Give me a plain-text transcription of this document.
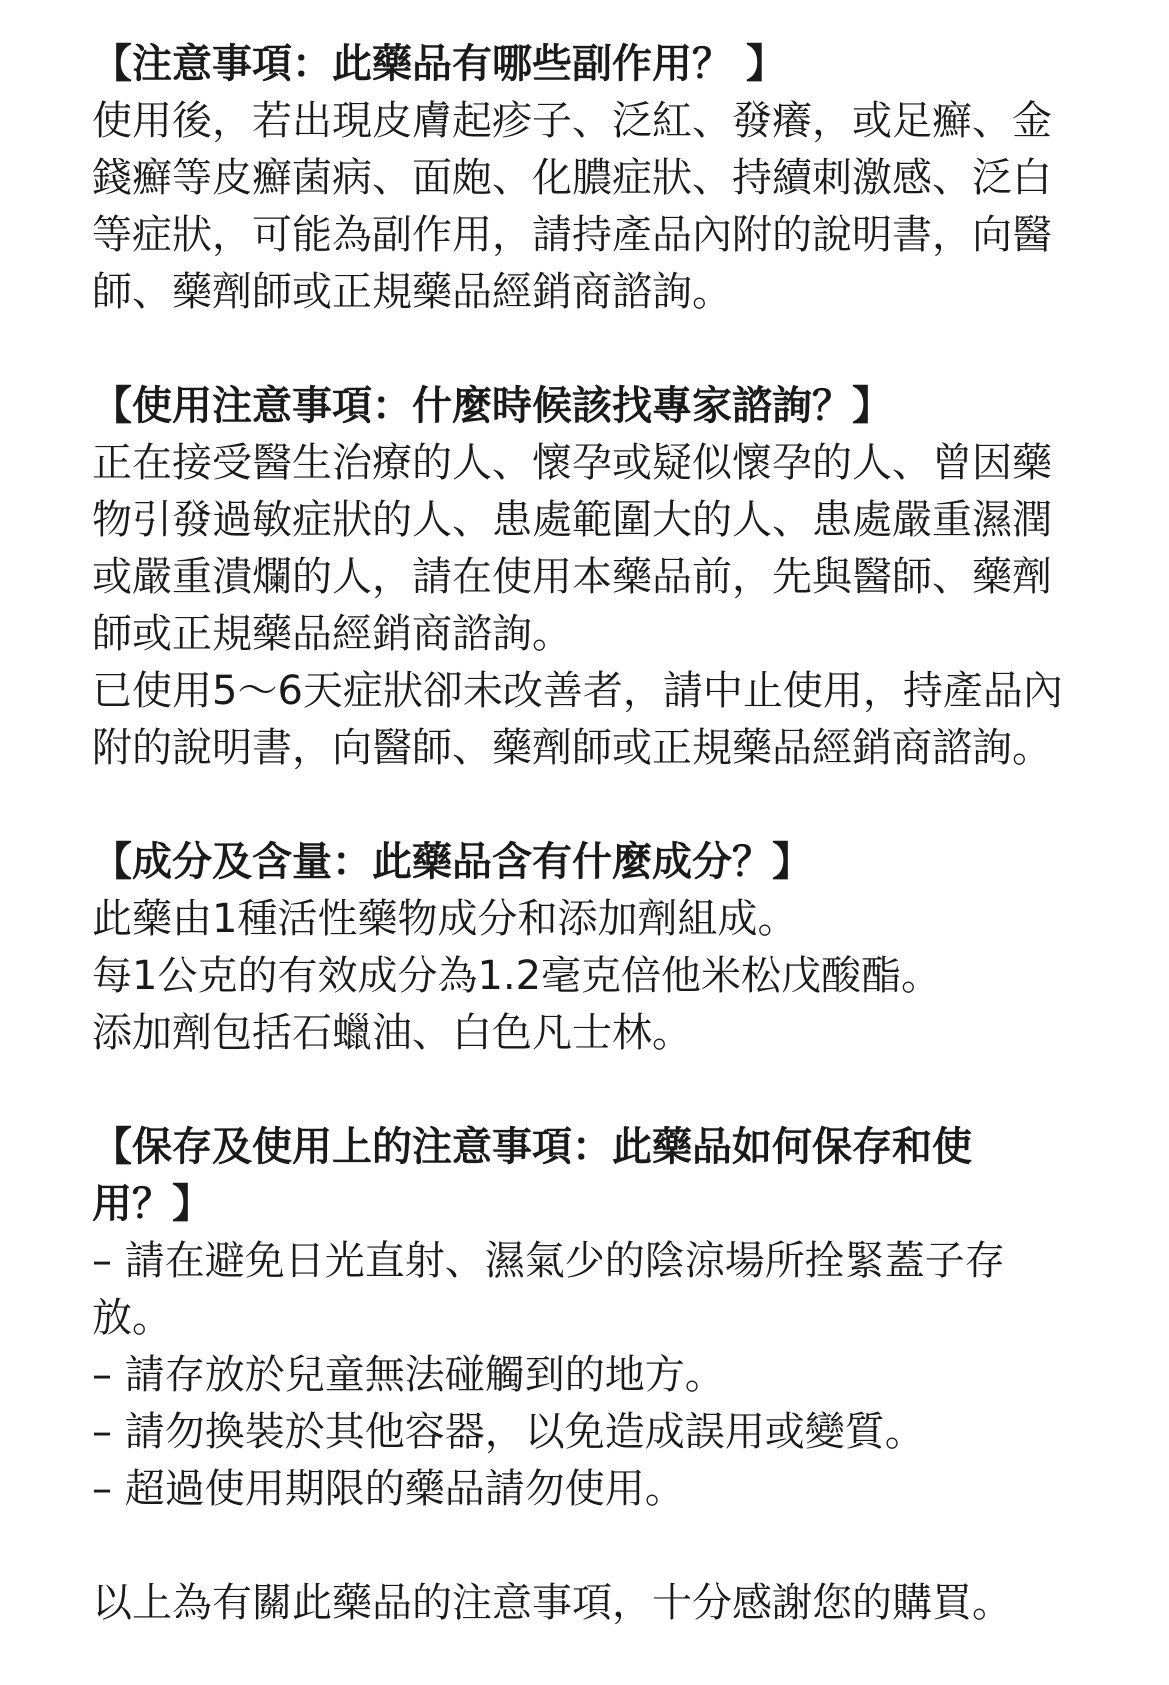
【注意事項：此藥品有哪些副作用？ 】

使用後，若出現皮膚起疹子、泛紅、發癢，或足癬、金錢癬等皮癬菌病、面皰、化膿症狀、持續刺激感、泛白等症狀，可能為副作用，請持產品內附的說明書，向醫師、藥劑師或正規藥品經銷商諮詢。

【使用注意事項：什麼時候該找專家諮詢？】

正在接受醫生治療的人、懷孕或疑似懷孕的人、曾因藥物引發過敏症狀的人、患處範圍大的人、患處嚴重濕潤或嚴重潰爛的人，請在使用本藥品前，先與醫師、藥劑師或正規藥品經銷商諮詢。

已使用5～6天症狀卻未改善者，請中止使用，持產品內附的說明書，向醫師、藥劑師或正規藥品經銷商諮詢。

【成分及含量：此藥品含有什麼成分？】

此藥由1種活性藥物成分和添加劑組成。

每1公克的有效成分為1.2毫克倍他米松戊酸酯。

添加劑包括石蠟油、白色凡士林。

【保存及使用上的注意事項：此藥品如何保存和使用？】

– 請在避免日光直射、濕氣少的陰涼場所拴緊蓋子存放。

– 請存放於兒童無法碰觸到的地方。

– 請勿換裝於其他容器，以免造成誤用或變質。

– 超過使用期限的藥品請勿使用。

以上為有關此藥品的注意事項，十分感謝您的購買。
